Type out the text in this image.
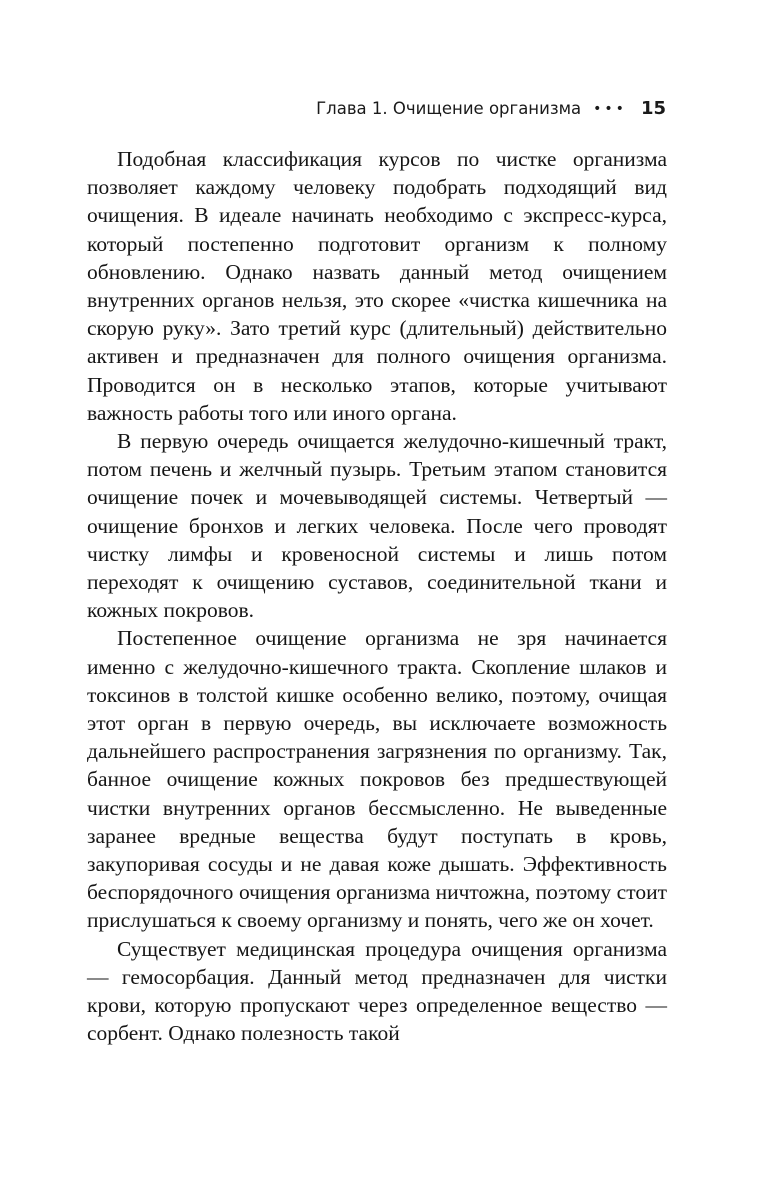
Глава 1. Очищение организма ••• 15

Подобная классификация курсов по чистке организма позволяет каждому человеку подобрать подходящий вид очищения. В идеале начинать необходимо с экспресс-курса, который постепенно подготовит организм к полному обновлению. Однако назвать данный метод очищением внутренних органов нельзя, это скорее «чистка кишечника на скорую руку». Зато третий курс (длительный) действительно активен и предназначен для полного очищения организма. Проводится он в несколько этапов, которые учитывают важность работы того или иного органа.

В первую очередь очищается желудочно-кишечный тракт, потом печень и желчный пузырь. Третьим этапом становится очищение почек и мочевыводящей системы. Четвертый — очищение бронхов и легких человека. После чего проводят чистку лимфы и кровеносной системы и лишь потом переходят к очищению суставов, соединительной ткани и кожных покровов.

Постепенное очищение организма не зря начинается именно с желудочно-кишечного тракта. Скопление шлаков и токсинов в толстой кишке особенно велико, поэтому, очищая этот орган в первую очередь, вы исключаете возможность дальнейшего распространения загрязнения по организму. Так, банное очищение кожных покровов без предшествующей чистки внутренних органов бессмысленно. Не выведенные заранее вредные вещества будут поступать в кровь, закупоривая сосуды и не давая коже дышать. Эффективность беспорядочного очищения организма ничтожна, поэтому стоит прислушаться к своему организму и понять, чего же он хочет.

Существует медицинская процедура очищения организма — гемосорбация. Данный метод предназначен для чистки крови, которую пропускают через определенное вещество — сорбент. Однако полезность такой
